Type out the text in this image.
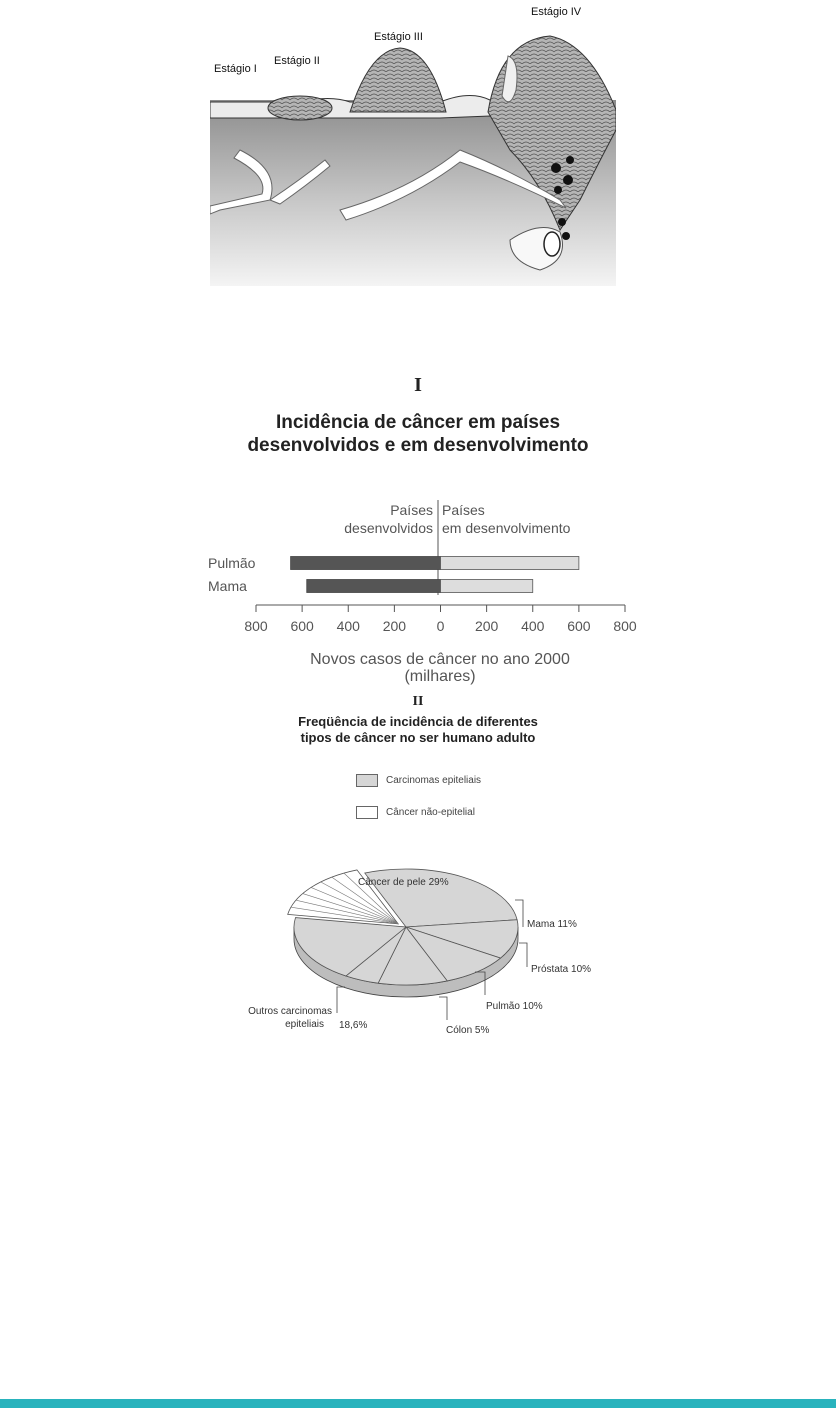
Estágio I
Estágio II
Estágio III
Estágio IV
I
Incidência de câncer em países
desenvolvidos e em desenvolvimento
Países
desenvolvidos
Países
em desenvolvimento
Pulmão
Mama
800 600 400 200 0 200 400 600 800
Novos casos de câncer no ano 2000
(milhares)
II
Freqüência de incidência de diferentes
tipos de câncer no ser humano adulto
Carcinomas epiteliais
Câncer não-epitelial
Câncer de pele 29%
Mama 11%
Próstata 10%
Pulmão 10%
Cólon 5%
Outros carcinomas
epiteliais 18,6%
